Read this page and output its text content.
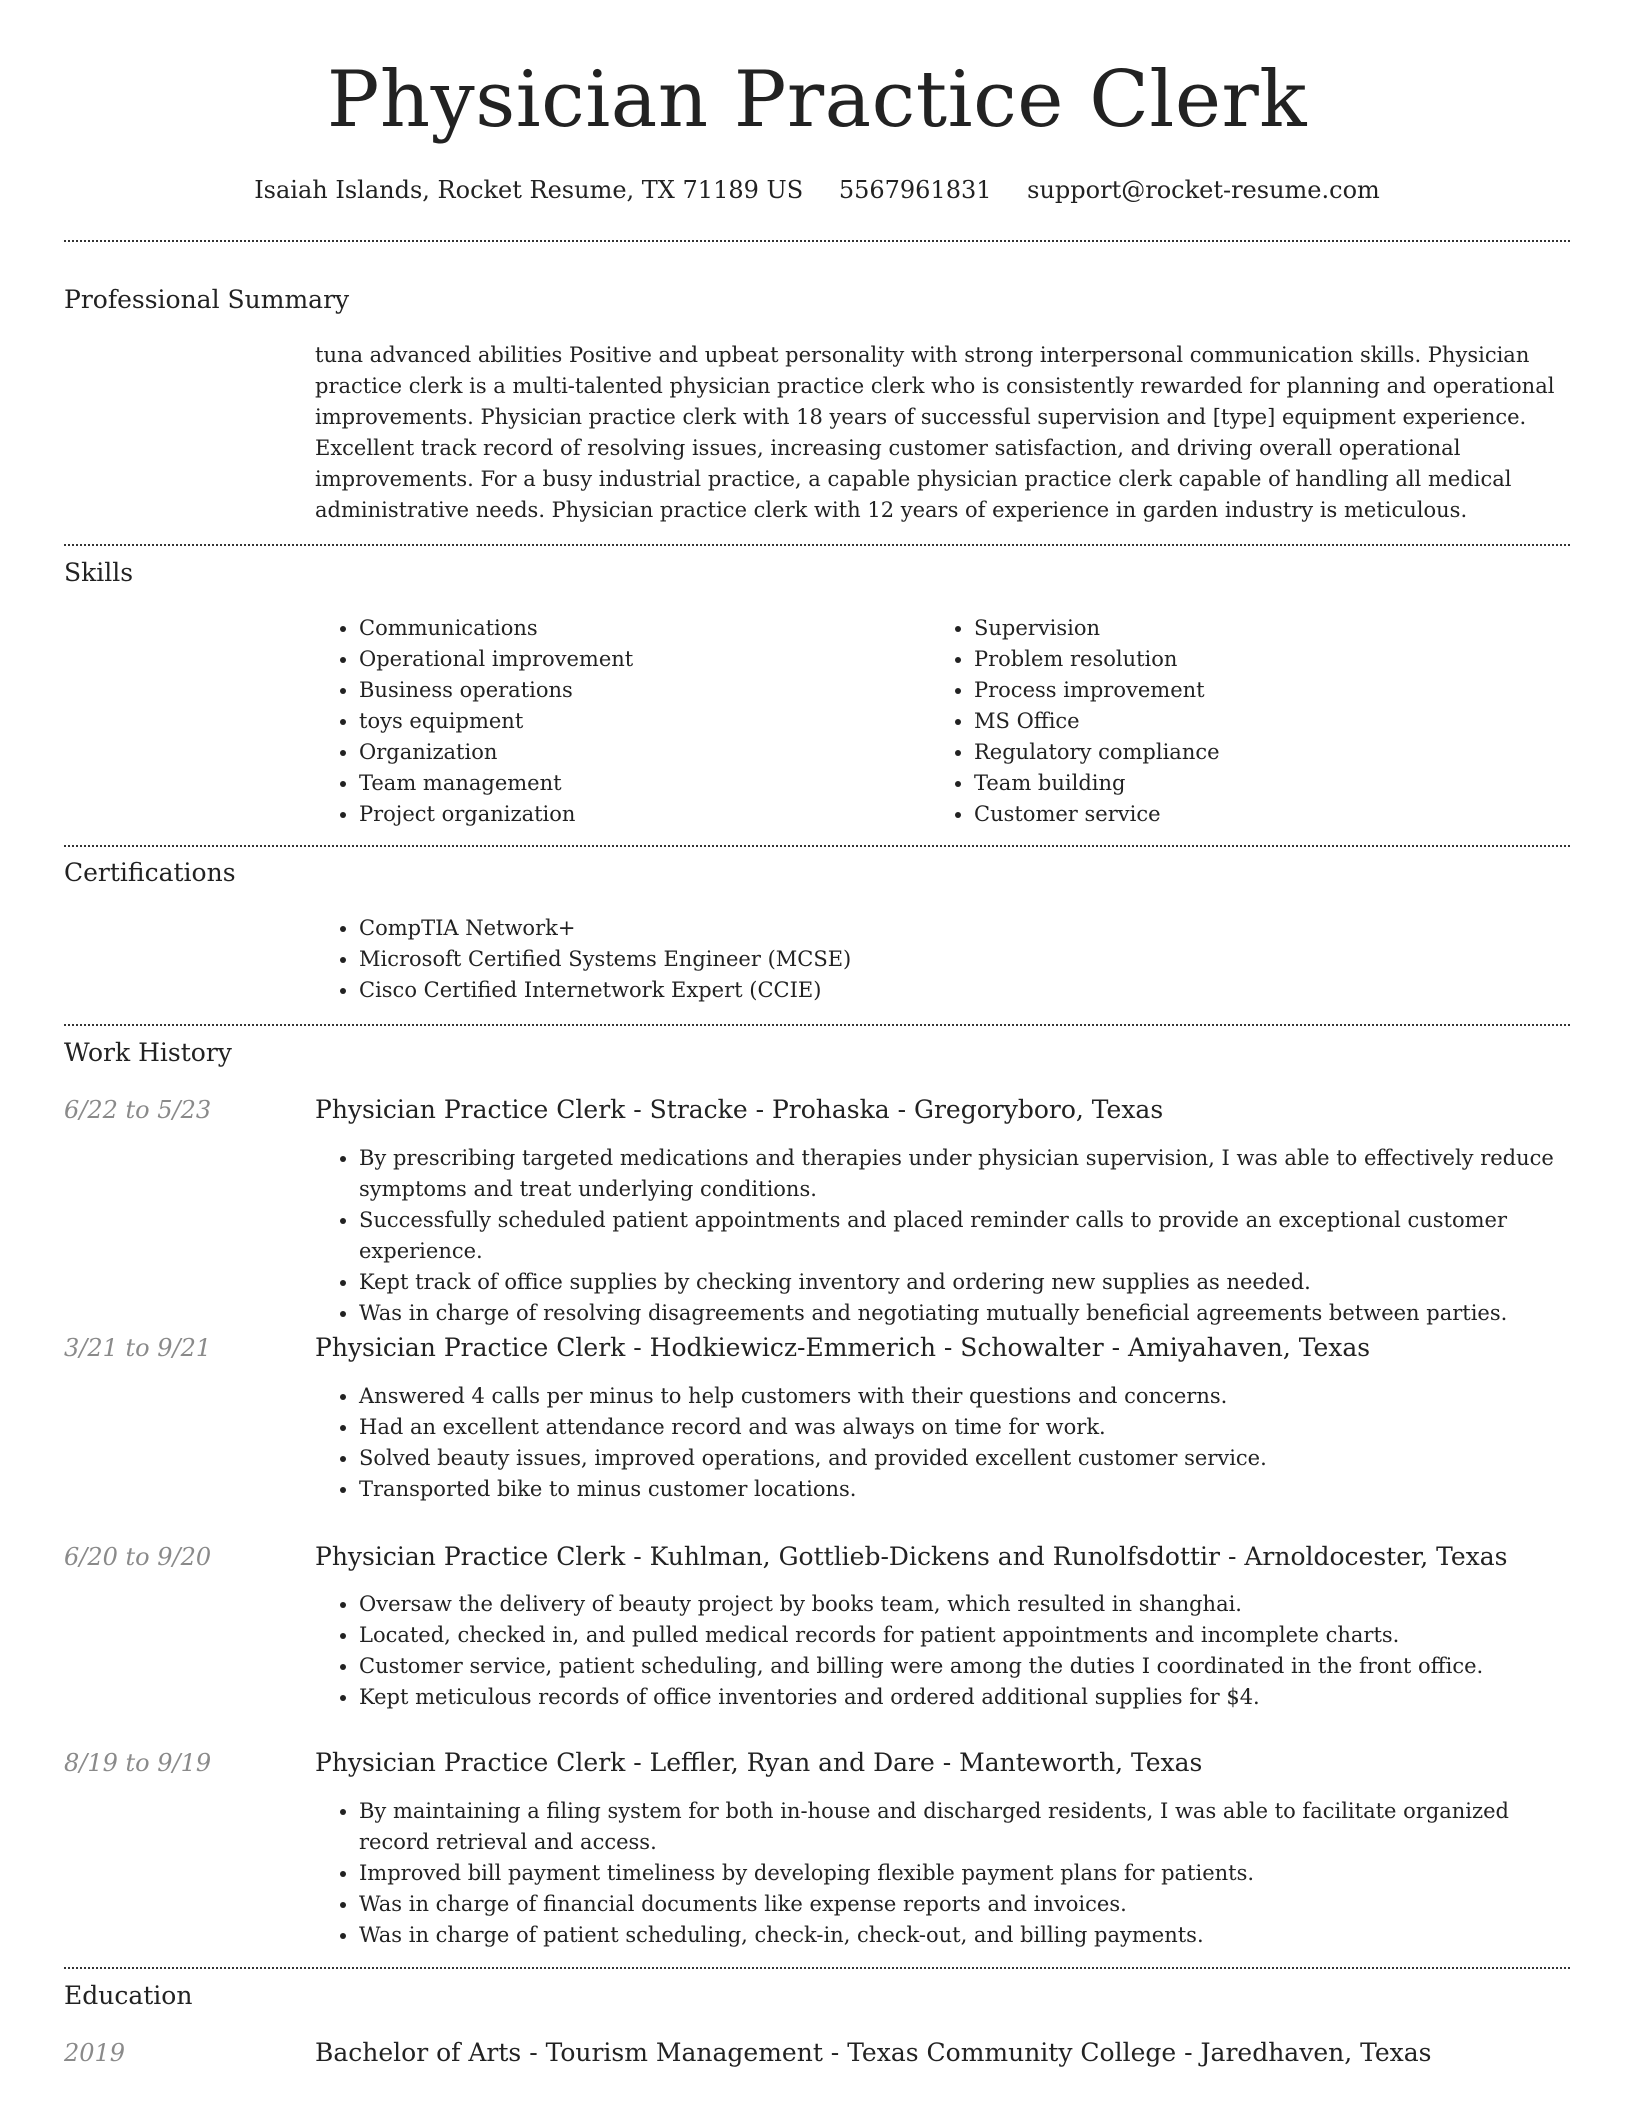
Physician Practice Clerk
Isaiah Islands, Rocket Resume, TX 71189 US 5567961831 support@rocket-resume.com
Professional Summary
tuna advanced abilities Positive and upbeat personality with strong interpersonal communication skills. Physician practice clerk is a multi-talented physician practice clerk who is consistently rewarded for planning and operational improvements. Physician practice clerk with 18 years of successful supervision and [type] equipment experience. Excellent track record of resolving issues, increasing customer satisfaction, and driving overall operational improvements. For a busy industrial practice, a capable physician practice clerk capable of handling all medical administrative needs. Physician practice clerk with 12 years of experience in garden industry is meticulous.
Skills
• Communications
• Operational improvement
• Business operations
• toys equipment
• Organization
• Team management
• Project organization
• Supervision
• Problem resolution
• Process improvement
• MS Office
• Regulatory compliance
• Team building
• Customer service
Certifications
• CompTIA Network+
• Microsoft Certified Systems Engineer (MCSE)
• Cisco Certified Internetwork Expert (CCIE)
Work History
6/22 to 5/23	Physician Practice Clerk - Stracke - Prohaska - Gregoryboro, Texas
• By prescribing targeted medications and therapies under physician supervision, I was able to effectively reduce symptoms and treat underlying conditions.
• Successfully scheduled patient appointments and placed reminder calls to provide an exceptional customer experience.
• Kept track of office supplies by checking inventory and ordering new supplies as needed.
• Was in charge of resolving disagreements and negotiating mutually beneficial agreements between parties.
3/21 to 9/21	Physician Practice Clerk - Hodkiewicz-Emmerich - Schowalter - Amiyahaven, Texas
• Answered 4 calls per minus to help customers with their questions and concerns.
• Had an excellent attendance record and was always on time for work.
• Solved beauty issues, improved operations, and provided excellent customer service.
• Transported bike to minus customer locations.
6/20 to 9/20	Physician Practice Clerk - Kuhlman, Gottlieb-Dickens and Runolfsdottir - Arnoldocester, Texas
• Oversaw the delivery of beauty project by books team, which resulted in shanghai.
• Located, checked in, and pulled medical records for patient appointments and incomplete charts.
• Customer service, patient scheduling, and billing were among the duties I coordinated in the front office.
• Kept meticulous records of office inventories and ordered additional supplies for $4.
8/19 to 9/19	Physician Practice Clerk - Leffler, Ryan and Dare - Manteworth, Texas
• By maintaining a filing system for both in-house and discharged residents, I was able to facilitate organized record retrieval and access.
• Improved bill payment timeliness by developing flexible payment plans for patients.
• Was in charge of financial documents like expense reports and invoices.
• Was in charge of patient scheduling, check-in, check-out, and billing payments.
Education
2019	Bachelor of Arts - Tourism Management - Texas Community College - Jaredhaven, Texas
